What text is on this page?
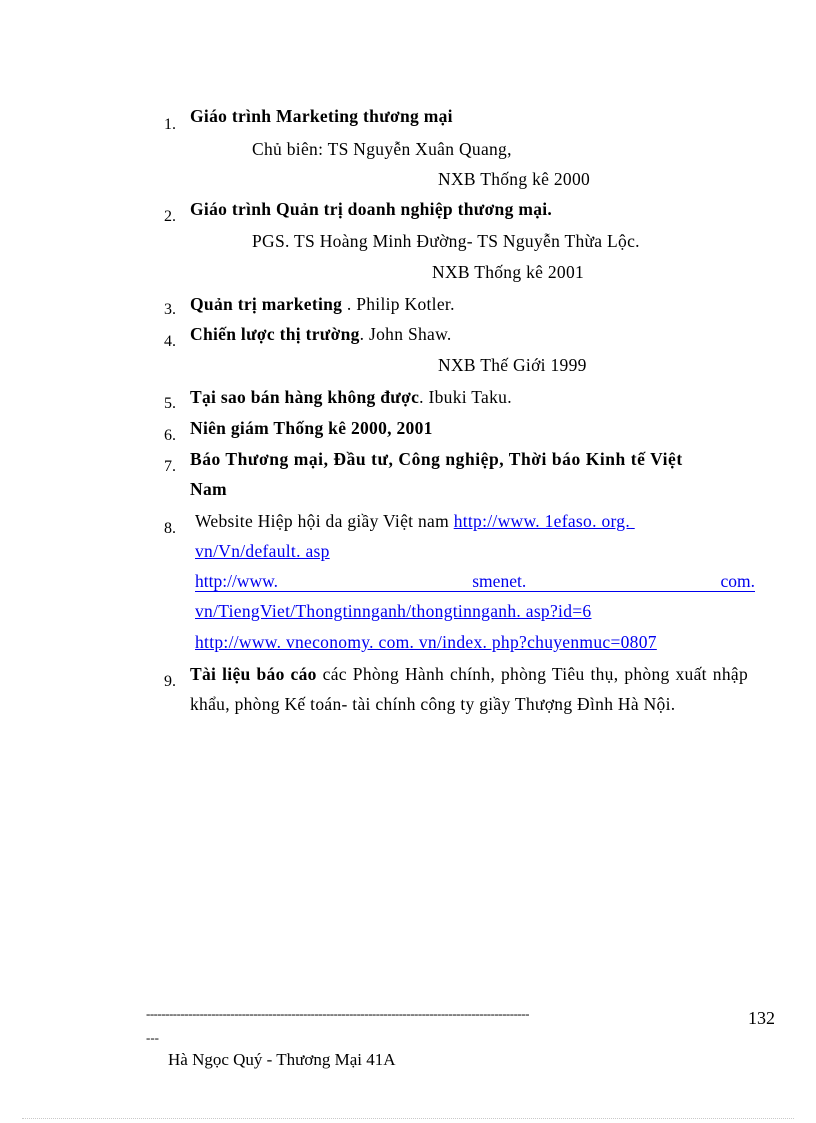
1. Giáo trình Marketing thương mại
Chủ biên: TS Nguyễn Xuân Quang,
NXB Thống kê 2000
2. Giáo trình Quản trị doanh nghiệp thương mại.
PGS. TS Hoàng Minh Đường- TS Nguyễn Thừa Lộc.
NXB Thống kê 2001
3. Quản trị marketing . Philip Kotler.
4. Chiến lược thị trường. John Shaw.
NXB Thế Giới 1999
5. Tại sao bán hàng không được. Ibuki Taku.
6. Niên giám Thống kê 2000, 2001
7. Báo Thương mại, Đầu tư, Công nghiệp, Thời báo Kinh tế Việt
Nam
8.	Website Hiệp hội da giầy Việt nam http://www. 1efaso. org.
vn/Vn/default. asp
http://www.	smenet.	com.
vn/TiengViet/Thongtinnganh/thongtinnganh. asp?id=6
http://www. vneconomy. com. vn/index. php?chuyenmuc=0807
9. Tài liệu báo cáo các Phòng Hành chính, phòng Tiêu thụ, phòng xuất nhập khẩu, phòng Kế toán- tài chính công ty giầy Thượng Đình Hà Nội.
----------------------------------------------------------------------------------------------------
---
132
Hà Ngọc Quý - Thương Mại 41A
